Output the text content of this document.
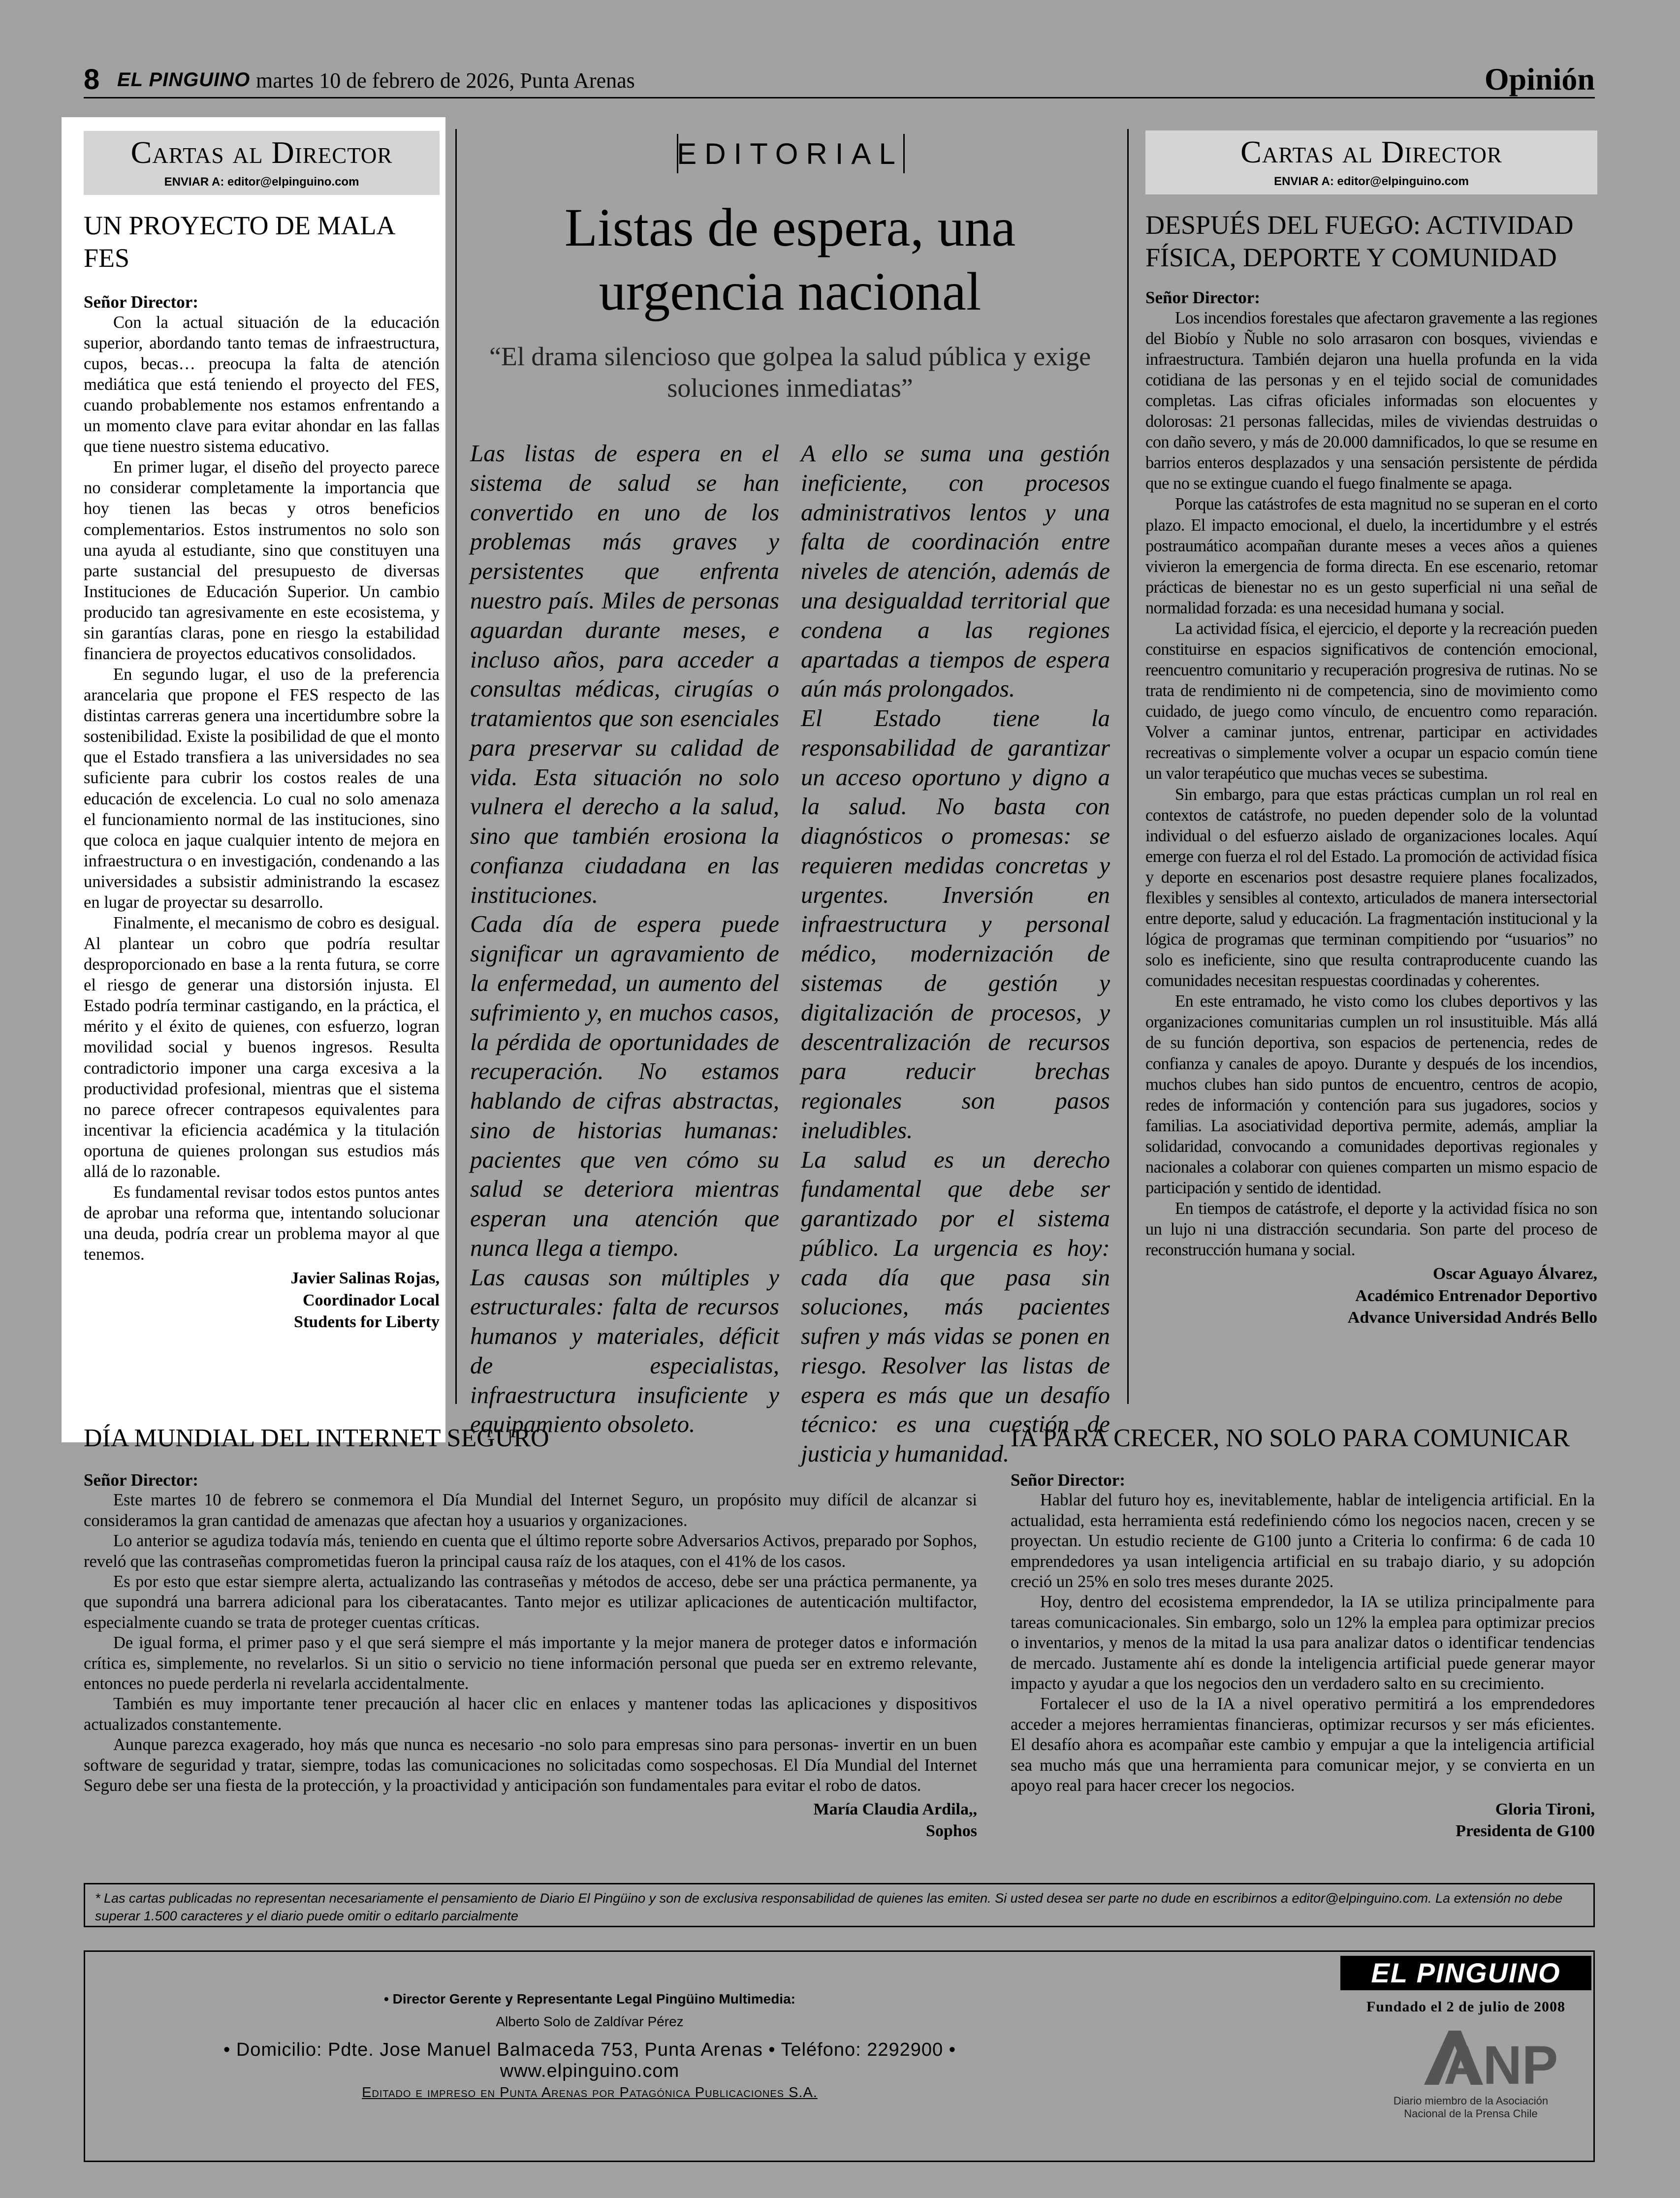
8 EL PINGUINO martes 10 de febrero de 2026, Punta Arenas	Opinión
Cartas al Director
ENVIAR A: editor@elpinguino.com
UN PROYECTO DE MALA FES
Señor Director:

Con la actual situación de la educación superior, abordando tanto temas de infraestructura, cupos, becas… preocupa la falta de atención mediática que está teniendo el proyecto del FES, cuando probablemente nos estamos enfrentando a un momento clave para evitar ahondar en las fallas que tiene nuestro sistema educativo.

En primer lugar, el diseño del proyecto parece no considerar completamente la importancia que hoy tienen las becas y otros beneficios complementarios. Estos instrumentos no solo son una ayuda al estudiante, sino que constituyen una parte sustancial del presupuesto de diversas Instituciones de Educación Superior. Un cambio producido tan agresivamente en este ecosistema, y sin garantías claras, pone en riesgo la estabilidad financiera de proyectos educativos consolidados.

En segundo lugar, el uso de la preferencia arancelaria que propone el FES respecto de las distintas carreras genera una incertidumbre sobre la sostenibilidad. Existe la posibilidad de que el monto que el Estado transfiera a las universidades no sea suficiente para cubrir los costos reales de una educación de excelencia. Lo cual no solo amenaza el funcionamiento normal de las instituciones, sino que coloca en jaque cualquier intento de mejora en infraestructura o en investigación, condenando a las universidades a subsistir administrando la escasez en lugar de proyectar su desarrollo.

Finalmente, el mecanismo de cobro es desigual. Al plantear un cobro que podría resultar desproporcionado en base a la renta futura, se corre el riesgo de generar una distorsión injusta. El Estado podría terminar castigando, en la práctica, el mérito y el éxito de quienes, con esfuerzo, logran movilidad social y buenos ingresos. Resulta contradictorio imponer una carga excesiva a la productividad profesional, mientras que el sistema no parece ofrecer contrapesos equivalentes para incentivar la eficiencia académica y la titulación oportuna de quienes prolongan sus estudios más allá de lo razonable.

Es fundamental revisar todos estos puntos antes de aprobar una reforma que, intentando solucionar una deuda, podría crear un problema mayor al que tenemos.

Javier Salinas Rojas,
Coordinador Local
Students for Liberty
EDITORIAL
Listas de espera, una urgencia nacional
“El drama silencioso que golpea la salud pública y exige soluciones inmediatas”

Las listas de espera en el sistema de salud se han convertido en uno de los problemas más graves y persistentes que enfrenta nuestro país. Miles de personas aguardan durante meses, e incluso años, para acceder a consultas médicas, cirugías o tratamientos que son esenciales para preservar su calidad de vida. Esta situación no solo vulnera el derecho a la salud, sino que también erosiona la confianza ciudadana en las instituciones.

Cada día de espera puede significar un agravamiento de la enfermedad, un aumento del sufrimiento y, en muchos casos, la pérdida de oportunidades de recuperación. No estamos hablando de cifras abstractas, sino de historias humanas: pacientes que ven cómo su salud se deteriora mientras esperan una atención que nunca llega a tiempo.

Las causas son múltiples y estructurales: falta de recursos humanos y materiales, déficit de especialistas, infraestructura insuficiente y equipamiento obsoleto.

A ello se suma una gestión ineficiente, con procesos administrativos lentos y una falta de coordinación entre niveles de atención, además de una desigualdad territorial que condena a las regiones apartadas a tiempos de espera aún más prolongados.

El Estado tiene la responsabilidad de garantizar un acceso oportuno y digno a la salud. No basta con diagnósticos o promesas: se requieren medidas concretas y urgentes. Inversión en infraestructura y personal médico, modernización de sistemas de gestión y digitalización de procesos, y descentralización de recursos para reducir brechas regionales son pasos ineludibles.

La salud es un derecho fundamental que debe ser garantizado por el sistema público. La urgencia es hoy: cada día que pasa sin soluciones, más pacientes sufren y más vidas se ponen en riesgo. Resolver las listas de espera es más que un desafío técnico: es una cuestión de justicia y humanidad.

Cartas al Director
ENVIAR A: editor@elpinguino.com
DESPUÉS DEL FUEGO: ACTIVIDAD FÍSICA, DEPORTE Y COMUNIDAD
Señor Director:

Los incendios forestales que afectaron gravemente a las regiones del Biobío y Ñuble no solo arrasaron con bosques, viviendas e infraestructura. También dejaron una huella profunda en la vida cotidiana de las personas y en el tejido social de comunidades completas. Las cifras oficiales informadas son elocuentes y dolorosas: 21 personas fallecidas, miles de viviendas destruidas o con daño severo, y más de 20.000 damnificados, lo que se resume en barrios enteros desplazados y una sensación persistente de pérdida que no se extingue cuando el fuego finalmente se apaga.

Porque las catástrofes de esta magnitud no se superan en el corto plazo. El impacto emocional, el duelo, la incertidumbre y el estrés postraumático acompañan durante meses a veces años a quienes vivieron la emergencia de forma directa. En ese escenario, retomar prácticas de bienestar no es un gesto superficial ni una señal de normalidad forzada: es una necesidad humana y social.

La actividad física, el ejercicio, el deporte y la recreación pueden constituirse en espacios significativos de contención emocional, reencuentro comunitario y recuperación progresiva de rutinas. No se trata de rendimiento ni de competencia, sino de movimiento como cuidado, de juego como vínculo, de encuentro como reparación. Volver a caminar juntos, entrenar, participar en actividades recreativas o simplemente volver a ocupar un espacio común tiene un valor terapéutico que muchas veces se subestima.

Sin embargo, para que estas prácticas cumplan un rol real en contextos de catástrofe, no pueden depender solo de la voluntad individual o del esfuerzo aislado de organizaciones locales. Aquí emerge con fuerza el rol del Estado. La promoción de actividad física y deporte en escenarios post desastre requiere planes focalizados, flexibles y sensibles al contexto, articulados de manera intersectorial entre deporte, salud y educación. La fragmentación institucional y la lógica de programas que terminan compitiendo por “usuarios” no solo es ineficiente, sino que resulta contraproducente cuando las comunidades necesitan respuestas coordinadas y coherentes.

En este entramado, he visto como los clubes deportivos y las organizaciones comunitarias cumplen un rol insustituible. Más allá de su función deportiva, son espacios de pertenencia, redes de confianza y canales de apoyo. Durante y después de los incendios, muchos clubes han sido puntos de encuentro, centros de acopio, redes de información y contención para sus jugadores, socios y familias. La asociatividad deportiva permite, además, ampliar la solidaridad, convocando a comunidades deportivas regionales y nacionales a colaborar con quienes comparten un mismo espacio de participación y sentido de identidad.

En tiempos de catástrofe, el deporte y la actividad física no son un lujo ni una distracción secundaria. Son parte del proceso de reconstrucción humana y social.

Oscar Aguayo Álvarez,
Académico Entrenador Deportivo
Advance Universidad Andrés Bello
DÍA MUNDIAL DEL INTERNET SEGURO
Señor Director:

Este martes 10 de febrero se conmemora el Día Mundial del Internet Seguro, un propósito muy difícil de alcanzar si consideramos la gran cantidad de amenazas que afectan hoy a usuarios y organizaciones.

Lo anterior se agudiza todavía más, teniendo en cuenta que el último reporte sobre Adversarios Activos, preparado por Sophos, reveló que las contraseñas comprometidas fueron la principal causa raíz de los ataques, con el 41% de los casos.

Es por esto que estar siempre alerta, actualizando las contraseñas y métodos de acceso, debe ser una práctica permanente, ya que supondrá una barrera adicional para los ciberatacantes. Tanto mejor es utilizar aplicaciones de autenticación multifactor, especialmente cuando se trata de proteger cuentas críticas.

De igual forma, el primer paso y el que será siempre el más importante y la mejor manera de proteger datos e información crítica es, simplemente, no revelarlos. Si un sitio o servicio no tiene información personal que pueda ser en extremo relevante, entonces no puede perderla ni revelarla accidentalmente.

También es muy importante tener precaución al hacer clic en enlaces y mantener todas las aplicaciones y dispositivos actualizados constantemente.

Aunque parezca exagerado, hoy más que nunca es necesario -no solo para empresas sino para personas- invertir en un buen software de seguridad y tratar, siempre, todas las comunicaciones no solicitadas como sospechosas. El Día Mundial del Internet Seguro debe ser una fiesta de la protección, y la proactividad y anticipación son fundamentales para evitar el robo de datos.

María Claudia Ardila,,
Sophos
IA PARA CRECER, NO SOLO PARA COMUNICAR
Señor Director:

Hablar del futuro hoy es, inevitablemente, hablar de inteligencia artificial. En la actualidad, esta herramienta está redefiniendo cómo los negocios nacen, crecen y se proyectan. Un estudio reciente de G100 junto a Criteria lo confirma: 6 de cada 10 emprendedores ya usan inteligencia artificial en su trabajo diario, y su adopción creció un 25% en solo tres meses durante 2025.

Hoy, dentro del ecosistema emprendedor, la IA se utiliza principalmente para tareas comunicacionales. Sin embargo, solo un 12% la emplea para optimizar precios o inventarios, y menos de la mitad la usa para analizar datos o identificar tendencias de mercado. Justamente ahí es donde la inteligencia artificial puede generar mayor impacto y ayudar a que los negocios den un verdadero salto en su crecimiento.

Fortalecer el uso de la IA a nivel operativo permitirá a los emprendedores acceder a mejores herramientas financieras, optimizar recursos y ser más eficientes. El desafío ahora es acompañar este cambio y empujar a que la inteligencia artificial sea mucho más que una herramienta para comunicar mejor, y se convierta en un apoyo real para hacer crecer los negocios.

Gloria Tironi,
Presidenta de G100
* Las cartas publicadas no representan necesariamente el pensamiento de Diario El Pingüino y son de exclusiva responsabilidad de quienes las emiten. Si usted desea ser parte no dude en escribirnos a editor@elpinguino.com. La extensión no debe superar 1.500 caracteres y el diario puede omitir o editarlo parcialmente
• Director Gerente y Representante Legal Pingüino Multimedia:
Alberto Solo de Zaldívar Pérez
• Domicilio: Pdte. Jose Manuel Balmaceda 753, Punta Arenas • Teléfono: 2292900 • www.elpinguino.com
Editado e impreso en Punta Arenas por Patagónica Publicaciones S.A.
EL PINGUINO
Fundado el 2 de julio de 2008
ANP
Diario miembro de la Asociación
Nacional de la Prensa Chile
